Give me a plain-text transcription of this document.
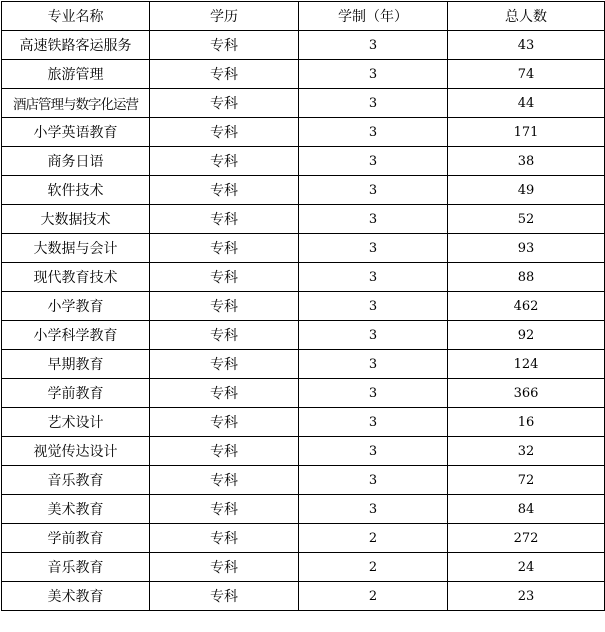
专业名称	学历	学制（年）	总人数
高速铁路客运服务	专科	3	43
旅游管理	专科	3	74
酒店管理与数字化运营	专科	3	44
小学英语教育	专科	3	171
商务日语	专科	3	38
软件技术	专科	3	49
大数据技术	专科	3	52
大数据与会计	专科	3	93
现代教育技术	专科	3	88
小学教育	专科	3	462
小学科学教育	专科	3	92
早期教育	专科	3	124
学前教育	专科	3	366
艺术设计	专科	3	16
视觉传达设计	专科	3	32
音乐教育	专科	3	72
美术教育	专科	3	84
学前教育	专科	2	272
音乐教育	专科	2	24
美术教育	专科	2	23
